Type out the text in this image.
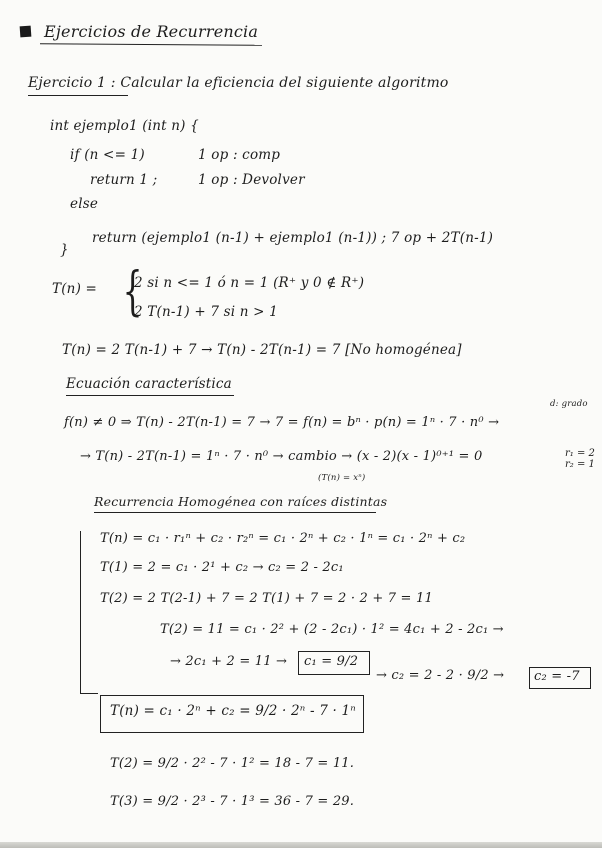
Ejercicios de Recurrencia
Ejercicio 1 : Calcular la eficiencia del siguiente algoritmo
int ejemplo1 (int n) {
if (n <= 1)	1 op : comp
return 1 ;	1 op : Devolver
else
return (ejemplo1 (n-1) + ejemplo1 (n-1)) ; 7 op + 2T(n-1)
}
T(n) = {
2 si n <= 1 ó n = 1 (R⁺ y 0 ∉ R⁺)
2 T(n-1) + 7 si n > 1
T(n) = 2 T(n-1) + 7 → T(n) - 2T(n-1) = 7 [No homogénea]
Ecuación característica
d: grado
f(n) ≠ 0 ⇒ T(n) - 2T(n-1) = 7 → 7 = f(n) = bⁿ · p(n) = 1ⁿ · 7 · n⁰ →
→ T(n) - 2T(n-1) = 1ⁿ · 7 · n⁰ → cambio → (x - 2)(x - 1)⁰⁺¹ = 0
(T(n) = xⁿ)
r₁ = 2
r₂ = 1
Recurrencia Homogénea con raíces distintas
T(n) = c₁ · r₁ⁿ + c₂ · r₂ⁿ = c₁ · 2ⁿ + c₂ · 1ⁿ = c₁ · 2ⁿ + c₂
T(1) = 2 = c₁ · 2¹ + c₂ → c₂ = 2 - 2c₁
T(2) = 2 T(2-1) + 7 = 2 T(1) + 7 = 2 · 2 + 7 = 11
T(2) = 11 = c₁ · 2² + (2 - 2c₁) · 1² = 4c₁ + 2 - 2c₁ →
→ 2c₁ + 2 = 11 → c₁ = 9/2
→ c₂ = 2 - 2 · 9/2 → c₂ = -7
T(n) = c₁ · 2ⁿ + c₂ = 9/2 · 2ⁿ - 7 · 1ⁿ
T(2) = 9/2 · 2² - 7 · 1² = 18 - 7 = 11.
T(3) = 9/2 · 2³ - 7 · 1³ = 36 - 7 = 29.
